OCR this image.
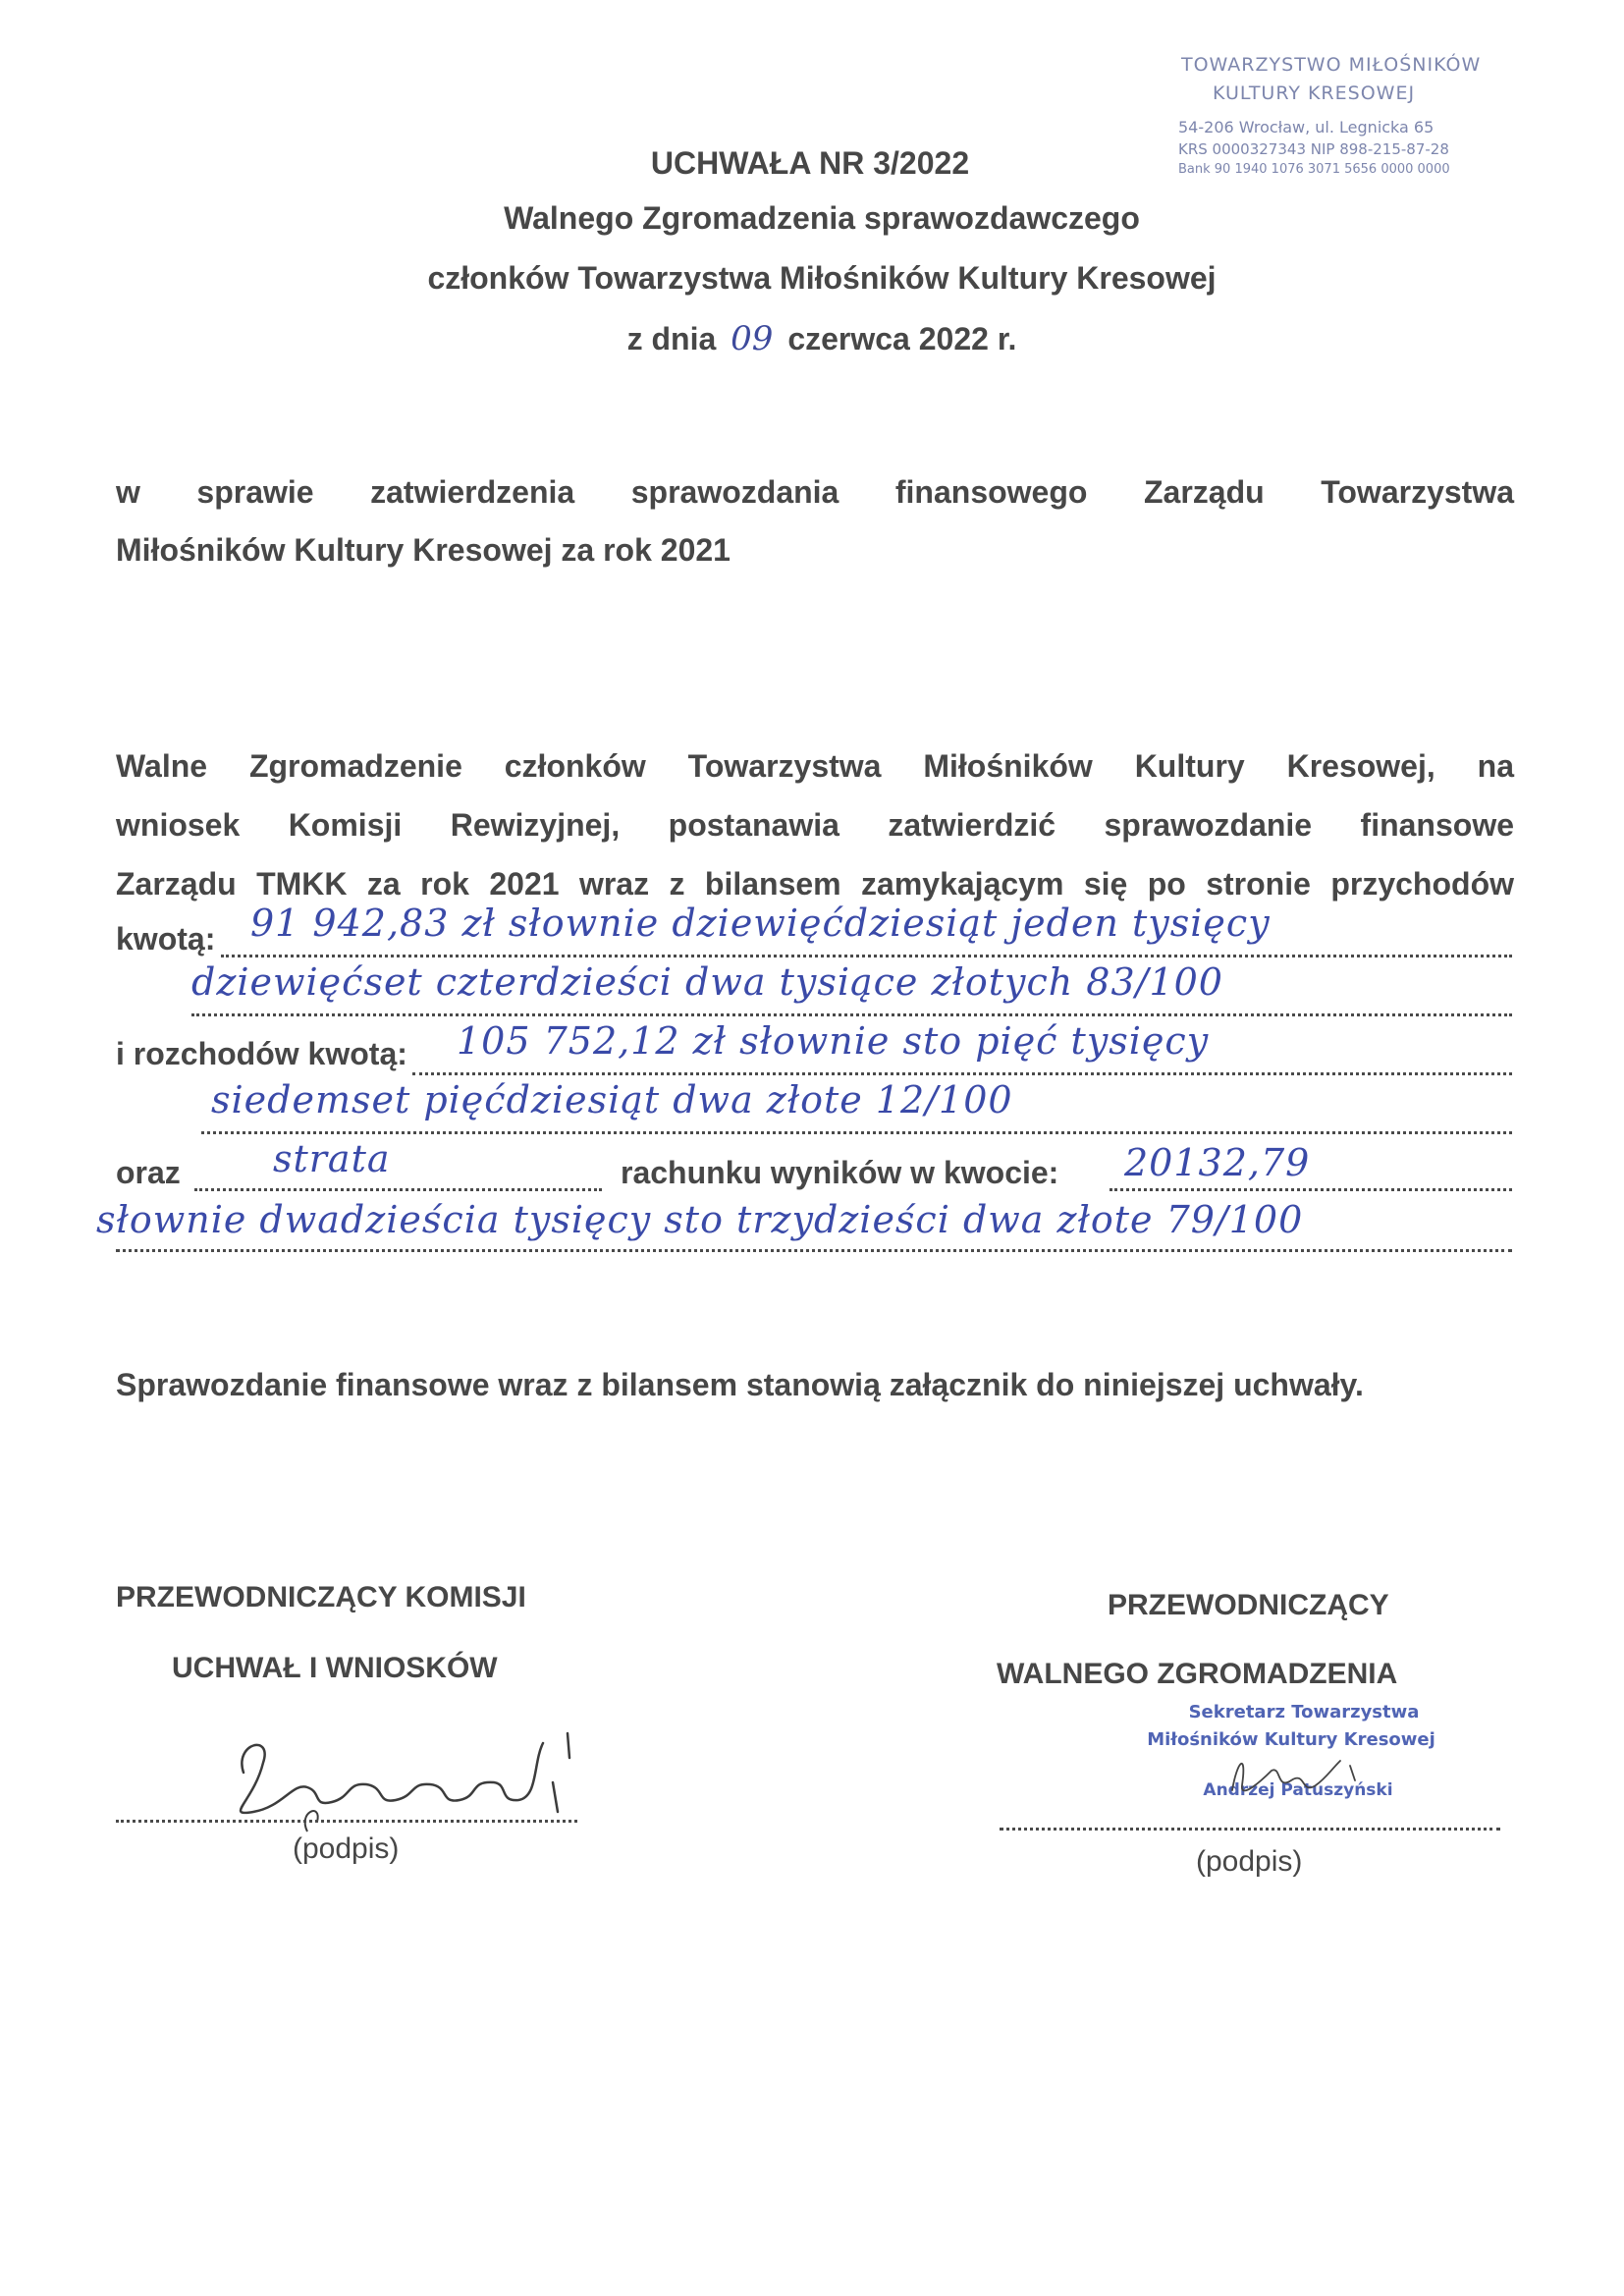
TOWARZYSTWO MIŁOŚNIKÓW
KULTURY KRESOWEJ
54-206 Wrocław, ul. Legnicka 65
KRS 0000327343 NIP 898-215-87-28
Bank 90 1940 1076 3071 5656 0000 0000
UCHWAŁA NR 3/2022
Walnego Zgromadzenia sprawozdawczego
członków Towarzystwa Miłośników Kultury Kresowej
z dnia 09 czerwca 2022 r.
w sprawie zatwierdzenia sprawozdania finansowego Zarządu Towarzystwa
Miłośników Kultury Kresowej za rok 2021
Walne Zgromadzenie członków Towarzystwa Miłośników Kultury Kresowej, na
wniosek Komisji Rewizyjnej, postanawia zatwierdzić sprawozdanie finansowe
Zarządu TMKK za rok 2021 wraz z bilansem zamykającym się po stronie przychodów
kwotą: 91 942,83 zł słownie dziewięćdziesiąt jeden tysięcy
dziewięćset czterdzieści dwa tysiące złotych 83/100
i rozchodów kwotą: 105 752,12 zł słownie sto pięć tysięcy
siedemset pięćdziesiąt dwa złote 12/100
oraz strata	rachunku wyników w kwocie: 20132,79
słownie dwadzieścia tysięcy sto trzydzieści dwa złote 79/100
Sprawozdanie finansowe wraz z bilansem stanowią załącznik do niniejszej uchwały.
PRZEWODNICZĄCY KOMISJI
UCHWAŁ I WNIOSKÓW
(podpis)
PRZEWODNICZĄCY
WALNEGO ZGROMADZENIA
Sekretarz Towarzystwa
Miłośników Kultury Kresowej
Andrzej Patuszyński
(podpis)
